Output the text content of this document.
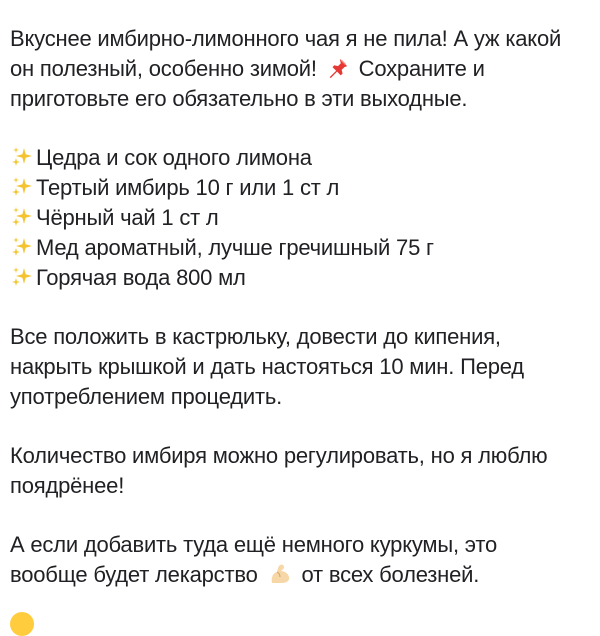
Вкуснее имбирно-лимонного чая я не пила! А уж какой
он полезный, особенно зимой! Сохраните и
приготовьте его обязательно в эти выходные.
Цедра и сок одного лимона
Тертый имбирь 10 г или 1 ст л
Чёрный чай 1 ст л
Мед ароматный, лучше гречишный 75 г
Горячая вода 800 мл
Все положить в кастрюльку, довести до кипения,
накрыть крышкой и дать настояться 10 мин. Перед
употреблением процедить.
Количество имбиря можно регулировать, но я люблю
поядрёнее!
А если добавить туда ещё немного куркумы, это
вообще будет лекарство от всех болезней.
